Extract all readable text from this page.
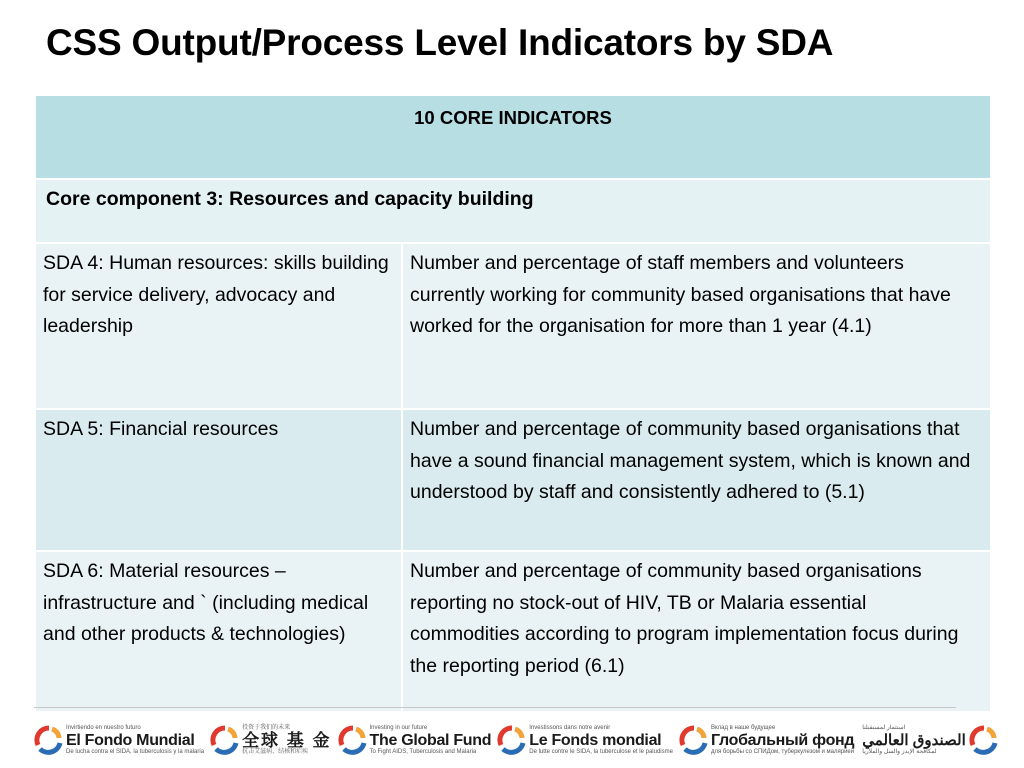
CSS Output/Process Level Indicators by SDA
10 CORE INDICATORS	

Core component 3: Resources and capacity building	

SDA 4: Human resources: skills building for service delivery, advocacy and leadership	Number and percentage of staff members and volunteers currently working for community based organisations that have worked for the organisation for more than 1 year (4.1)
SDA 5: Financial resources	Number and percentage of community based organisations that have a sound financial management system, which is known and understood by staff and consistently adhered to (5.1)
SDA 6: Material resources – infrastructure and ` (including medical and other products & technologies)	Number and percentage of community based organisations reporting no stock-out of HIV, TB or Malaria essential commodities according to program implementation focus during the reporting period (6.1)
Invirtiendo en nuestro futuro
El Fondo Mundial
De lucha contra el SIDA, la tuberculosis y la malaria
投资于我们的未来
全球 基 金
抗击艾滋病、结核和疟疾
Investing in our future
The Global Fund
To Fight AIDS, Tuberculosis and Malaria
Investissons dans notre avenir
Le Fonds mondial
De lutte contre le SIDA, la tuberculose et le paludisme
Вклад в наше будущее
Глобальный фонд
для борьбы со СПИДом, туберкулезом и малярией
استثمار لمستقبلنا
الصندوق العالمي
لمكافحة الإيدز والسل والملاريا
